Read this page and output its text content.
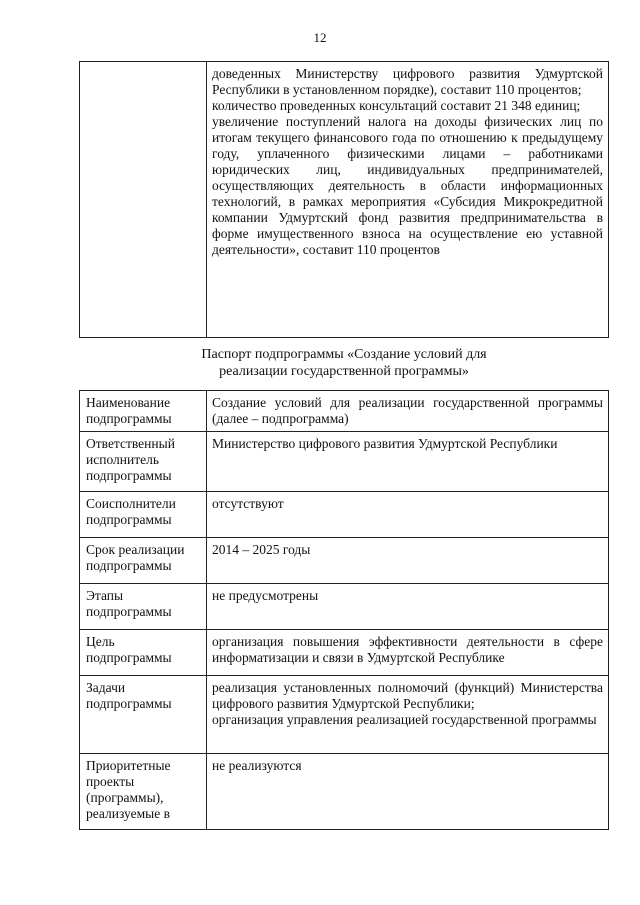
12

доведенных Министерству цифрового развития Удмуртской Республики в установленном порядке), составит 110 процентов;
количество проведенных консультаций составит 21 348 единиц;
увеличение поступлений налога на доходы физических лиц по итогам текущего финансового года по отношению к предыдущему году, уплаченного физическими лицами – работниками юридических лиц, индивидуальных предпринимателей, осуществляющих деятельность в области информационных технологий, в рамках мероприятия «Субсидия Микрокредитной компании Удмуртский фонд развития предпринимательства в форме имущественного взноса на осуществление ею уставной деятельности», составит 110 процентов
Паспорт подпрограммы «Создание условий для
реализации государственной программы»
Наименование подпрограммы	Создание условий для реализации государственной программы (далее – подпрограмма)
Ответственный исполнитель подпрограммы	Министерство цифрового развития Удмуртской Республики
Соисполнители подпрограммы	отсутствуют
Срок реализации подпрограммы	2014 – 2025 годы
Этапы подпрограммы	не предусмотрены
Цель подпрограммы	организация повышения эффективности деятельности в сфере информатизации и связи в Удмуртской Республике
Задачи подпрограммы	реализация установленных полномочий (функций) Министерства цифрового развития Удмуртской Республики;
организация управления реализацией государственной программы

Приоритетные проекты (программы), реализуемые в	не реализуются
